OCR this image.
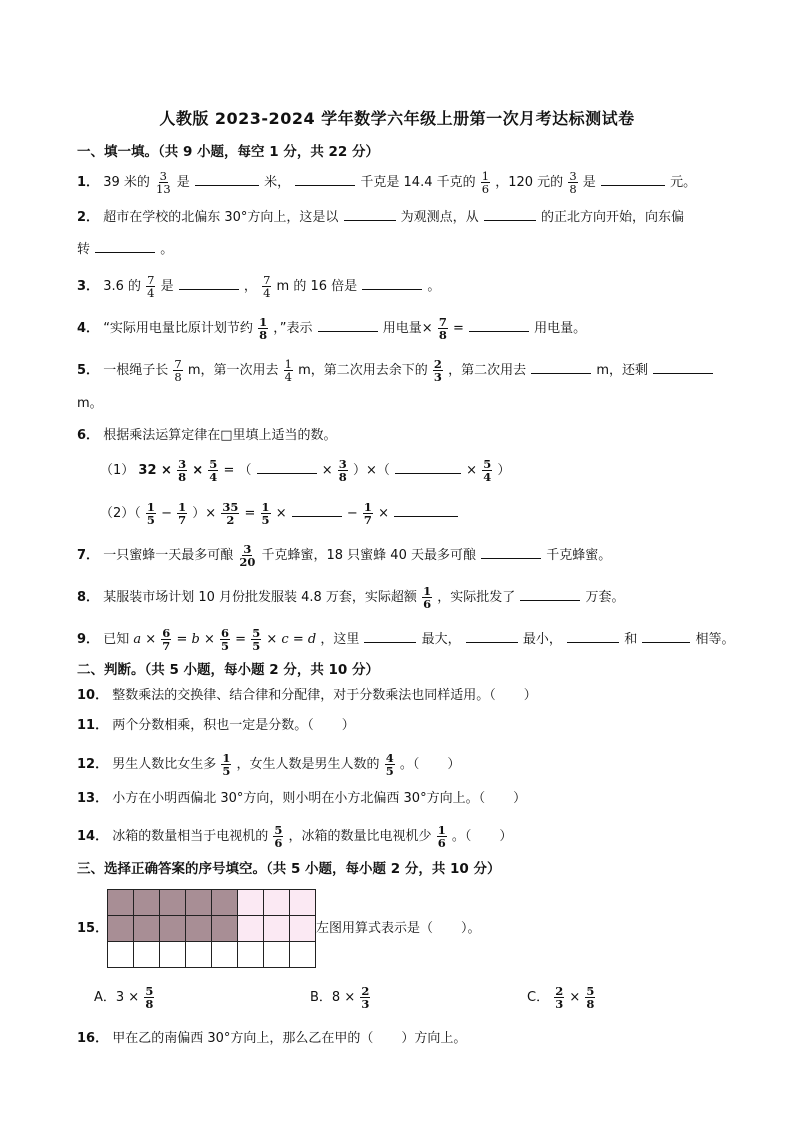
人教版 2023-2024 学年数学六年级上册第一次月考达标测试卷
一、填一填。（共 9 小题，每空 1 分，共 22 分）
1． 39 米的 $\frac{3}{13}$ 是	米，	千克是 14.4 千克的 $\frac{1}{6}$ ，120 元的 $\frac{3}{8}$ 是	元。
2． 超市在学校的北偏东 30°方向上，这是以	为观测点，从	的正北方向开始，向东偏
转	。
3． 3.6 的 $\frac{7}{4}$ 是	， $\frac{7}{4}$ m 的 16 倍是	。
4． “实际用电量比原计划节约 $\frac{1}{8}$ ，”表示	用电量× $\frac{7}{8}$ =	用电量。
5． 一根绳子长 $\frac{7}{8}$ m，第一次用去 $\frac{1}{4}$ m，第二次用去余下的 $\frac{2}{3}$ ，第二次用去	m，还剩
m。
6． 根据乘法运算定律在□里填上适当的数。
（1） $32 \times \frac{3}{8} \times \frac{5}{4}$ = （	× $\frac{3}{8}$ ）×（	× $\frac{5}{4}$ ）
$(2)( \frac{1}{5} - \frac{1}{7}$ ）× $\frac{35}{2} = \frac{1}{5}$ ×	− $\frac{1}{7}$ ×
7． 一只蜜蜂一天最多可酿 $\frac{3}{20}$ 千克蜂蜜，18 只蜜蜂 40 天最多可酿	千克蜂蜜。
8． 某服装市场计划 10 月份批发服装 4.8 万套，实际超额 $\frac{1}{6}$ ，实际批发了	万套。
9． 已知 $a \times \frac{6}{7} = b \times \frac{6}{5} = \frac{5}{5} \times c = d$ ，这里	最大，	最小，	和	相等。
二、判断。（共 5 小题，每小题 2 分，共 10 分）
10． 整数乘法的交换律、结合律和分配律，对于分数乘法也同样适用。（ ）
11． 两个分数相乘，积也一定是分数。（ ）
12． 男生人数比女生多 $\frac{1}{5}$ ，女生人数是男生人数的 $\frac{4}{5}$ 。（ ）
13． 小方在小明西偏北 30°方向，则小明在小方北偏西 30°方向上。（ ）
14． 冰箱的数量相当于电视机的 $\frac{5}{6}$ ，冰箱的数量比电视机少 $\frac{1}{6}$ 。（ ）
三、选择正确答案的序号填空。（共 5 小题，每小题 2 分，共 10 分）
15．	左图用算式表示是（ ）。
A．$3 \times \frac{5}{8}$	B．$8 \times \frac{2}{3}$	C． $\frac{2}{3} \times \frac{5}{8}$
16． 甲在乙的南偏西 30°方向上，那么乙在甲的（ ）方向上。
